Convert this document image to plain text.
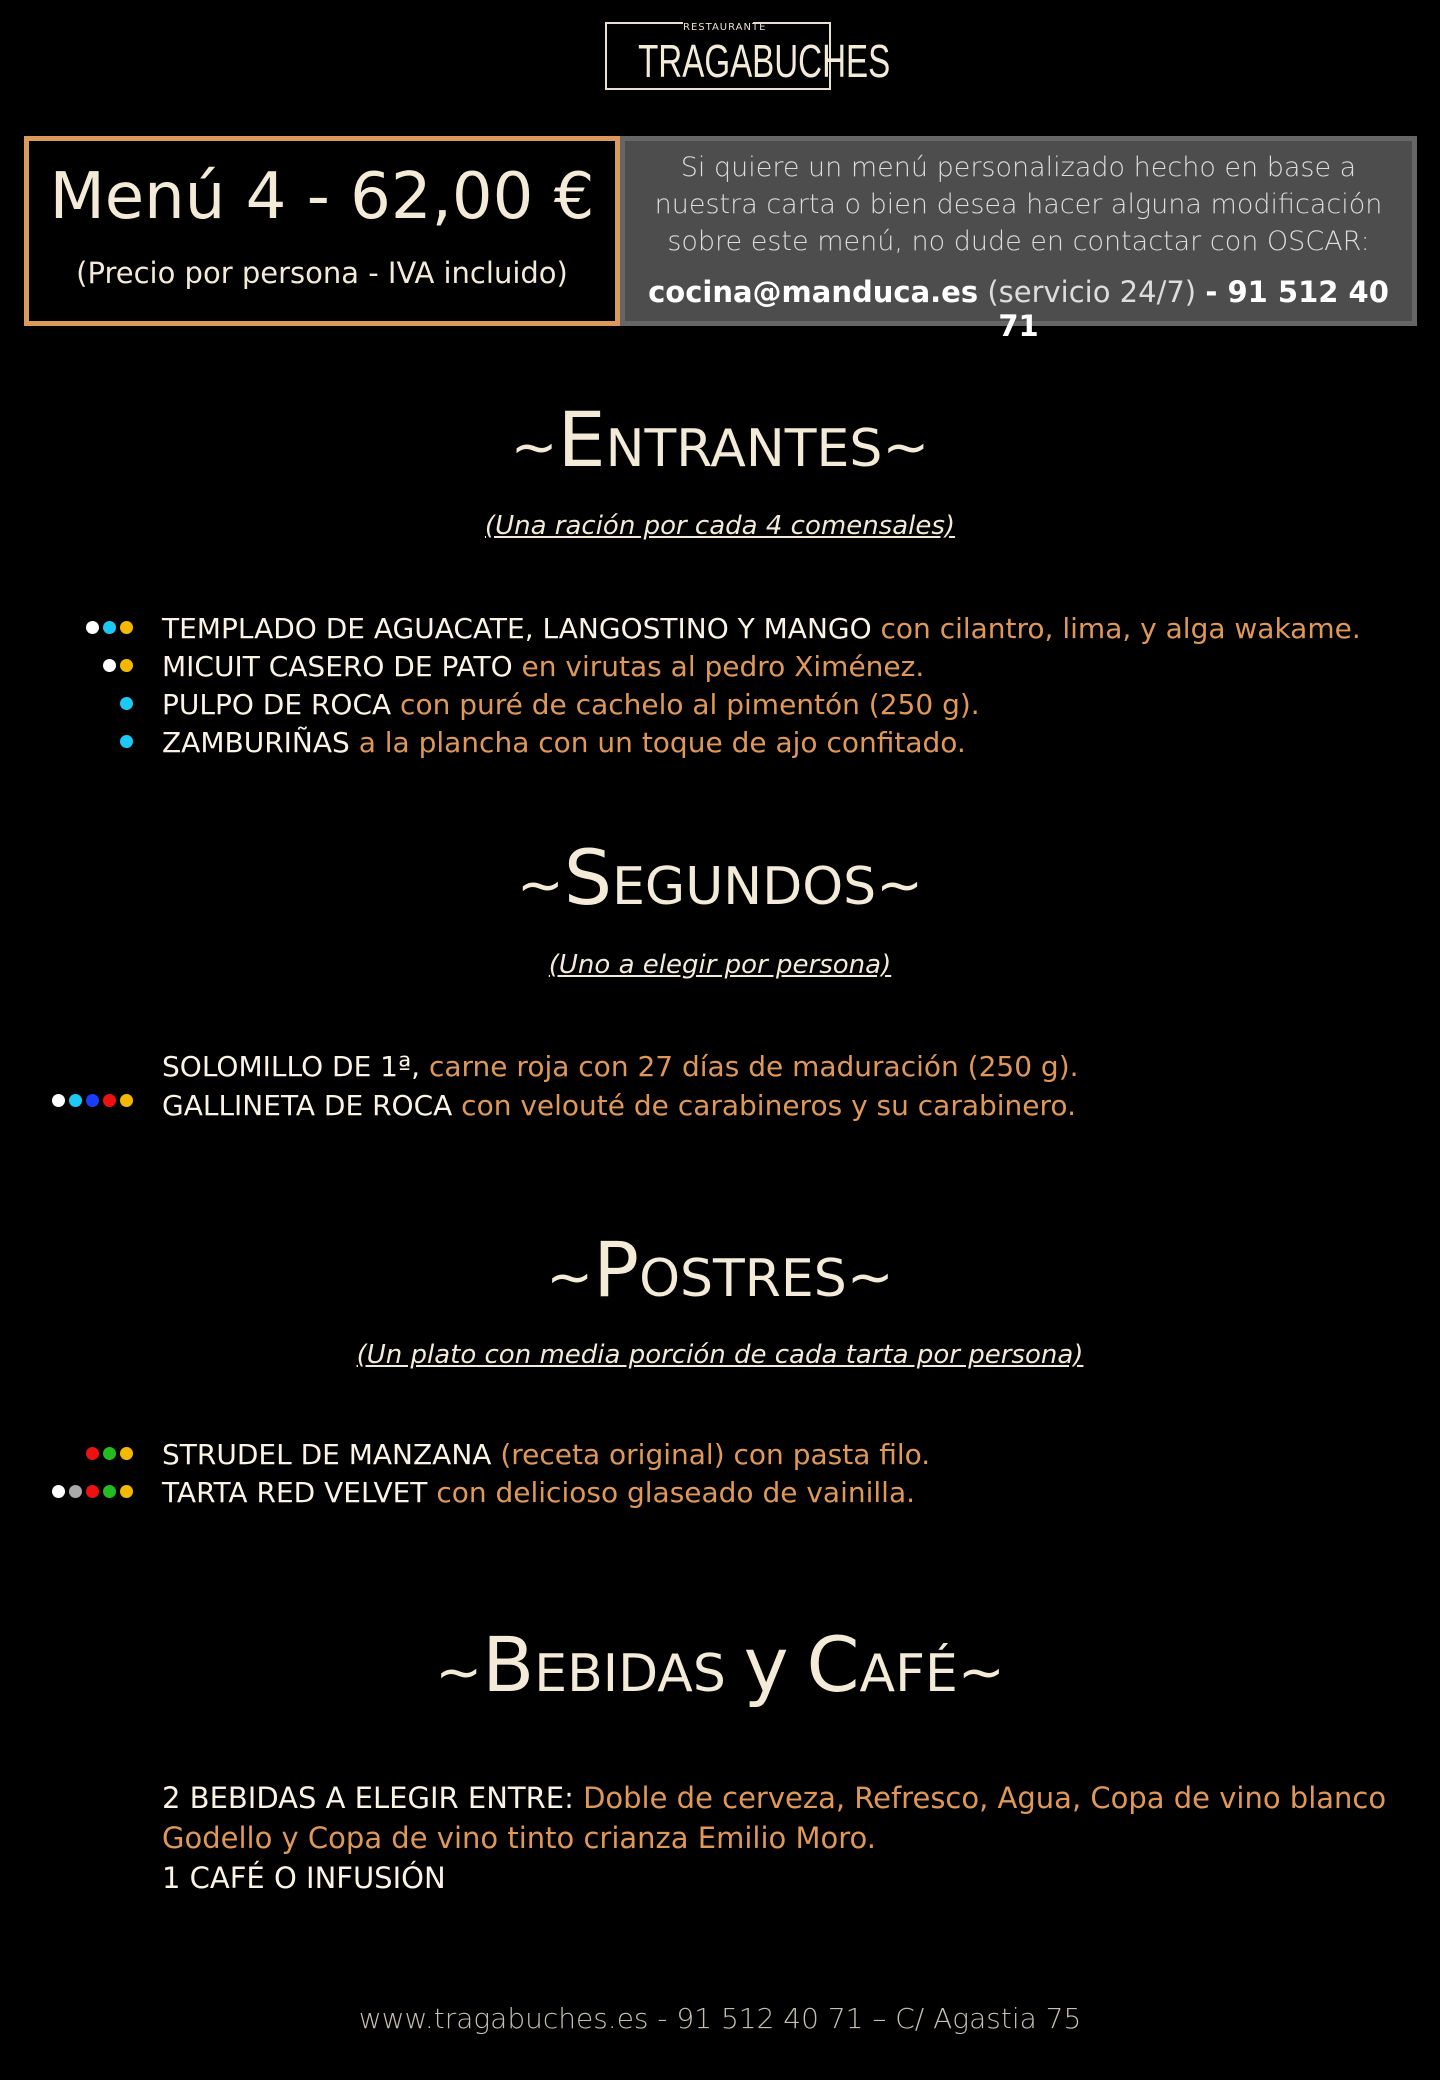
RESTAURANTE
TRAGABUCHES
Menú 4 - 62,00 €
(Precio por persona - IVA incluido)
Si quiere un menú personalizado hecho en base a nuestra carta o bien desea hacer alguna modificación sobre este menú, no dude en contactar con OSCAR:
cocina@manduca.es (servicio 24/7) - 91 512 40 71
~ENTRANTES~
(Una ración por cada 4 comensales)
TEMPLADO DE AGUACATE, LANGOSTINO Y MANGO con cilantro, lima, y alga wakame.
MICUIT CASERO DE PATO en virutas al pedro Ximénez.
PULPO DE ROCA con puré de cachelo al pimentón (250 g).
ZAMBURIÑAS a la plancha con un toque de ajo confitado.
~SEGUNDOS~
(Uno a elegir por persona)
SOLOMILLO DE 1ª, carne roja con 27 días de maduración (250 g).
GALLINETA DE ROCA con velouté de carabineros y su carabinero.
~POSTRES~
(Un plato con media porción de cada tarta por persona)
STRUDEL DE MANZANA (receta original) con pasta filo.
TARTA RED VELVET con delicioso glaseado de vainilla.
~BEBIDAS y CAFÉ~
2 BEBIDAS A ELEGIR ENTRE: Doble de cerveza, Refresco, Agua, Copa de vino blanco Godello y Copa de vino tinto crianza Emilio Moro.
1 CAFÉ O INFUSIÓN
www.tragabuches.es - 91 512 40 71 – C/ Agastia 75
